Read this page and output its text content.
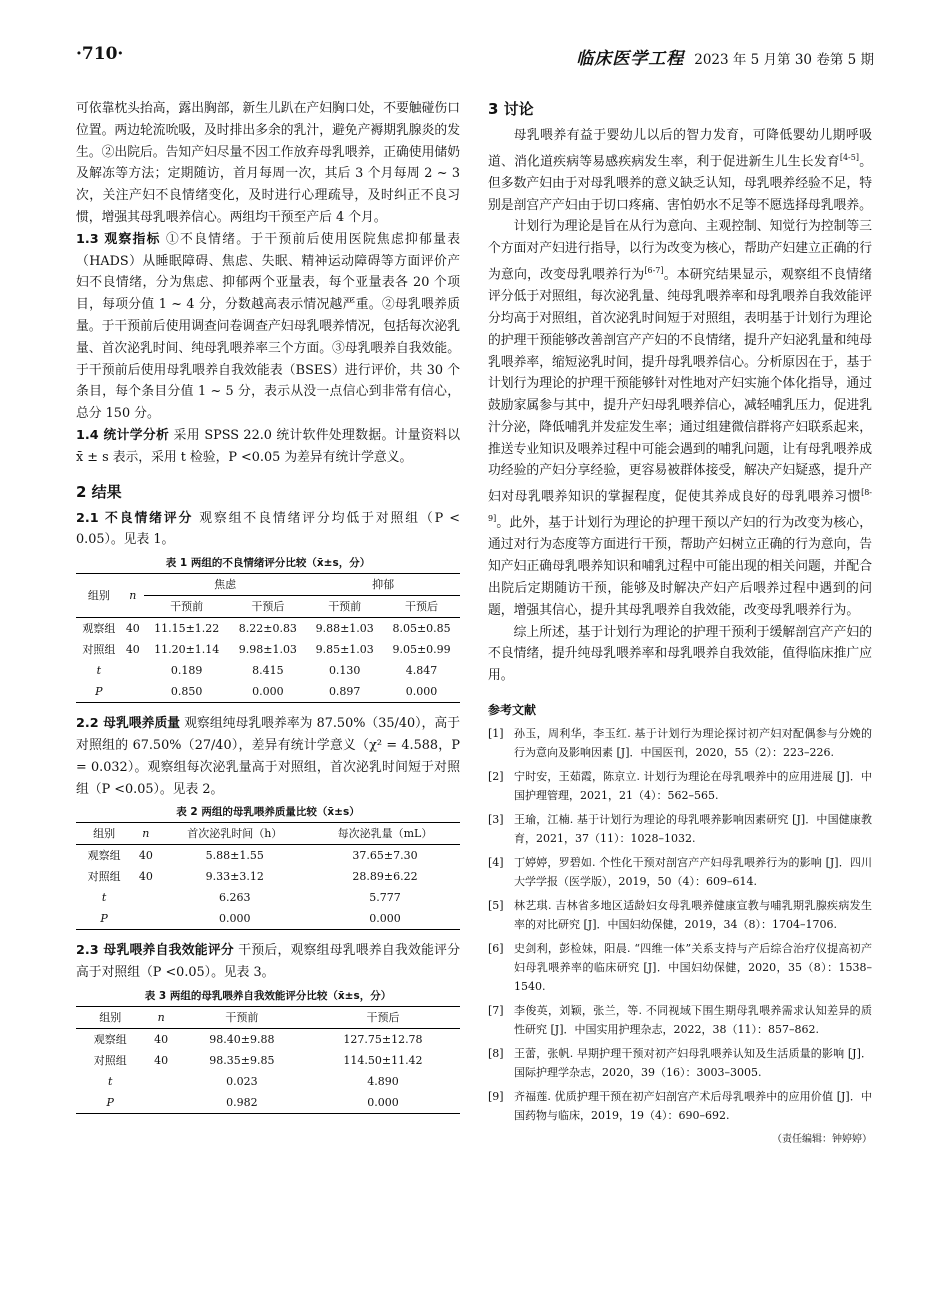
·710·	临床医学工程 2023 年 5 月第 30 卷第 5 期

可依靠枕头抬高，露出胸部，新生儿趴在产妇胸口处，不要触碰伤口位置。两边轮流吮吸，及时排出多余的乳汁，避免产褥期乳腺炎的发生。②出院后。告知产妇尽量不因工作放弃母乳喂养，正确使用储奶及解冻等方法；定期随访，首月每周一次，其后 3 个月每周 2 ~ 3 次，关注产妇不良情绪变化，及时进行心理疏导，及时纠正不良习惯，增强其母乳喂养信心。两组均干预至产后 4 个月。

1.3 观察指标 ①不良情绪。于干预前后使用医院焦虑抑郁量表（HADS）从睡眠障碍、焦虑、失眠、精神运动障碍等方面评价产妇不良情绪，分为焦虑、抑郁两个亚量表，每个亚量表各 20 个项目，每项分值 1 ~ 4 分，分数越高表示情况越严重。②母乳喂养质量。于干预前后使用调查问卷调查产妇母乳喂养情况，包括每次泌乳量、首次泌乳时间、纯母乳喂养率三个方面。③母乳喂养自我效能。于干预前后使用母乳喂养自我效能表（BSES）进行评价，共 30 个条目，每个条目分值 1 ~ 5 分，表示从没一点信心到非常有信心，总分 150 分。

1.4 统计学分析 采用 SPSS 22.0 统计软件处理数据。计量资料以 x̄ ± s 表示，采用 t 检验，P <0.05 为差异有统计学意义。

2 结果

2.1 不良情绪评分 观察组不良情绪评分均低于对照组（P < 0.05）。见表 1。

表 1 两组的不良情绪评分比较（x̄±s，分）
组别	n	焦虑		抑郁	
		干预前	干预后	干预前	干预后
观察组	40	11.15±1.22	8.22±0.83	9.88±1.03	8.05±0.85
对照组	40	11.20±1.14	9.98±1.03	9.85±1.03	9.05±0.99
t		0.189	8.415	0.130	4.847
P		0.850	0.000	0.897	0.000

2.2 母乳喂养质量 观察组纯母乳喂养率为 87.50%（35/40），高于对照组的 67.50%（27/40），差异有统计学意义（χ² = 4.588，P = 0.032）。观察组每次泌乳量高于对照组，首次泌乳时间短于对照组（P <0.05）。见表 2。

表 2 两组的母乳喂养质量比较（x̄±s）
组别	n	首次泌乳时间（h）	每次泌乳量（mL）
观察组	40	5.88±1.55	37.65±7.30
对照组	40	9.33±3.12	28.89±6.22
t		6.263	5.777
P		0.000	0.000

2.3 母乳喂养自我效能评分 干预后，观察组母乳喂养自我效能评分高于对照组（P <0.05）。见表 3。

表 3 两组的母乳喂养自我效能评分比较（x̄±s，分）
组别	n	干预前	干预后
观察组	40	98.40±9.88	127.75±12.78
对照组	40	98.35±9.85	114.50±11.42
t		0.023	4.890
P		0.982	0.000
3 讨论

母乳喂养有益于婴幼儿以后的智力发育，可降低婴幼儿期呼吸道、消化道疾病等易感疾病发生率，利于促进新生儿生长发育[4-5]。但多数产妇由于对母乳喂养的意义缺乏认知，母乳喂养经验不足，特别是剖宫产产妇由于切口疼痛、害怕奶水不足等不愿选择母乳喂养。

计划行为理论是旨在从行为意向、主观控制、知觉行为控制等三个方面对产妇进行指导，以行为改变为核心，帮助产妇建立正确的行为意向，改变母乳喂养行为[6-7]。本研究结果显示，观察组不良情绪评分低于对照组，每次泌乳量、纯母乳喂养率和母乳喂养自我效能评分均高于对照组，首次泌乳时间短于对照组，表明基于计划行为理论的护理干预能够改善剖宫产产妇的不良情绪，提升产妇泌乳量和纯母乳喂养率，缩短泌乳时间，提升母乳喂养信心。分析原因在于，基于计划行为理论的护理干预能够针对性地对产妇实施个体化指导，通过鼓励家属参与其中，提升产妇母乳喂养信心，减轻哺乳压力，促进乳汁分泌，降低哺乳并发症发生率；通过组建微信群将产妇联系起来，推送专业知识及喂养过程中可能会遇到的哺乳问题，让有母乳喂养成功经验的产妇分享经验，更容易被群体接受，解决产妇疑惑，提升产妇对母乳喂养知识的掌握程度，促使其养成良好的母乳喂养习惯[8-9]。此外，基于计划行为理论的护理干预以产妇的行为改变为核心，通过对行为态度等方面进行干预，帮助产妇树立正确的行为意向，告知产妇正确母乳喂养知识和哺乳过程中可能出现的相关问题，并配合出院后定期随访干预，能够及时解决产妇产后喂养过程中遇到的问题，增强其信心，提升其母乳喂养自我效能，改变母乳喂养行为。

综上所述，基于计划行为理论的护理干预利于缓解剖宫产产妇的不良情绪，提升纯母乳喂养率和母乳喂养自我效能，值得临床推广应用。

参考文献
[1] 孙玉，周利华，李玉红. 基于计划行为理论探讨初产妇对配偶参与分娩的行为意向及影响因素 [J]．中国医刊，2020，55（2）：223–226.
[2] 宁时安，王茹霞，陈京立. 计划行为理论在母乳喂养中的应用进展 [J]．中国护理管理，2021，21（4）：562–565.
[3] 王瑜，江楠. 基于计划行为理论的母乳喂养影响因素研究 [J]．中国健康教育，2021，37（11）：1028–1032.
[4] 丁婷婷，罗碧如. 个性化干预对剖宫产产妇母乳喂养行为的影响 [J]．四川大学学报（医学版），2019，50（4）：609–614.
[5] 林艺琪. 吉林省多地区适龄妇女母乳喂养健康宣教与哺乳期乳腺疾病发生率的对比研究 [J]．中国妇幼保健，2019，34（8）：1704–1706.
[6] 史剑利，彭检妹，阳晨. “四维一体”关系支持与产后综合治疗仪提高初产妇母乳喂养率的临床研究 [J]．中国妇幼保健，2020，35（8）：1538–1540.
[7] 李俊英，刘颖，张兰，等. 不同视域下围生期母乳喂养需求认知差异的质性研究 [J]．中国实用护理杂志，2022，38（11）：857–862.
[8] 王蕾，张帆. 早期护理干预对初产妇母乳喂养认知及生活质量的影响 [J]．国际护理学杂志，2020，39（16）：3003–3005.
[9] 齐福莲. 优质护理干预在初产妇剖宫产术后母乳喂养中的应用价值 [J]．中国药物与临床，2019，19（4）：690–692.
（责任编辑：钟婷婷）
